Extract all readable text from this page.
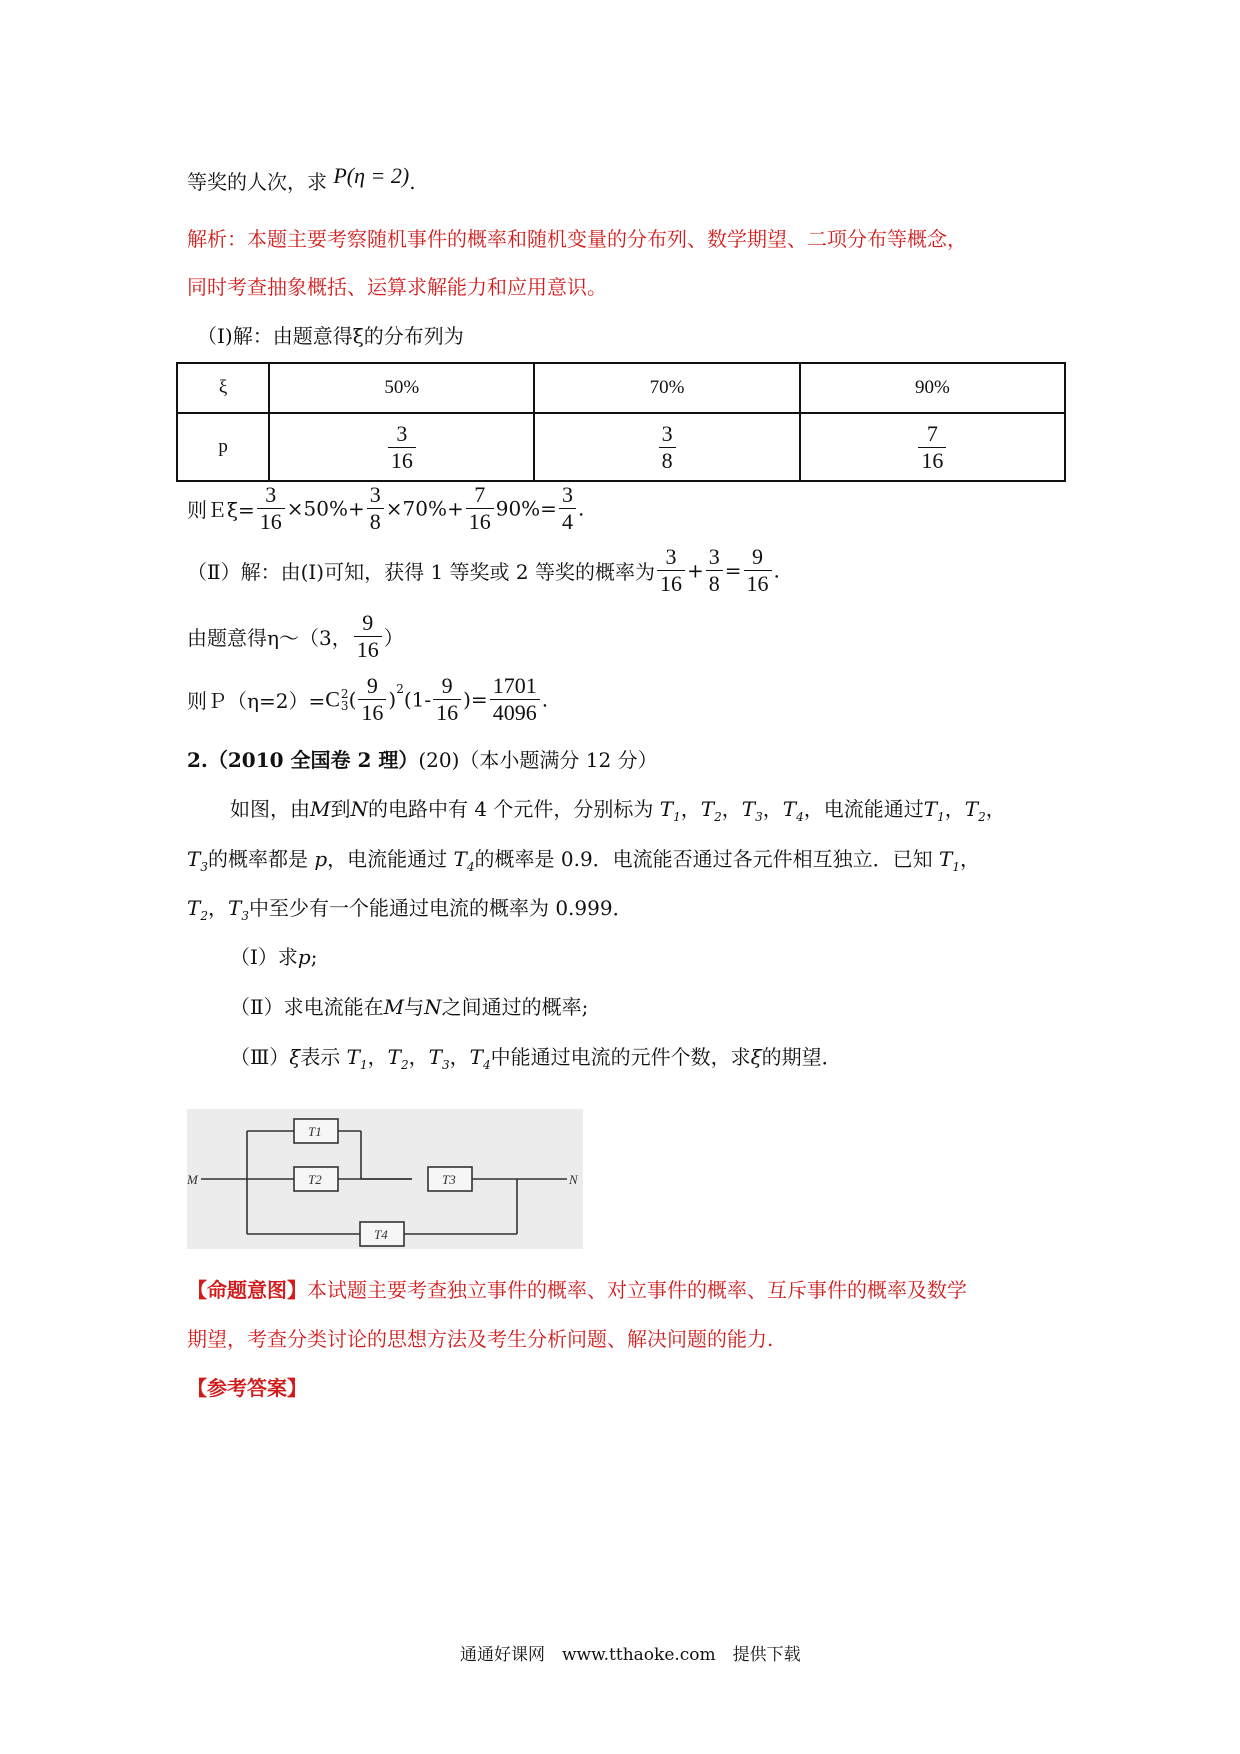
等奖的人次，求 P(η = 2).
解析：本题主要考察随机事件的概率和随机变量的分布列、数学期望、二项分布等概念，
同时考查抽象概括、运算求解能力和应用意识。
（Ⅰ)解：由题意得ξ的分布列为
ξ	50%	70%	90%
p	$\frac{3}{16}$	$\frac{3}{8}$	$\frac{7}{16}$
则Ｅξ= $\frac{3}{16} \times 50\%+ \frac{3}{8} \times 70\%+ \frac{7}{16} 90\%= \frac{3}{4}$ .
（Ⅱ）解：由(Ⅰ)可知，获得 1 等奖或 2 等奖的概率为 $\frac{3}{16} + \frac{3}{8} = \frac{9}{16}$ .
由题意得η～（3， $\frac{9}{16}$ ）
则Ｐ（η=2）=C 2
3 ( $\frac{9}{16} )^2(1- \frac{9}{16}$ )= $\frac{1701}{4096}$ .
2.（2010 全国卷 2 理）(20)（本小题满分 12 分）
如图，由M到N的电路中有 4 个元件，分别标为 $T_1$，$T_2$，$T_3$，$T_4$，电流能通过$T_1$，$T_2$，
$T_3$的概率都是 p，电流能通过 $T_4$的概率是 0.9．电流能否通过各元件相互独立．已知 $T_1$，
$T_2$，$T_3$中至少有一个能通过电流的概率为 0.999．
（Ⅰ）求p;
（Ⅱ）求电流能在M与N之间通过的概率;
（Ⅲ）ξ表示 $T_1$，$T_2$，$T_3$，$T_4$中能通过电流的元件个数，求ξ的期望．
M	N
T1
T2	T3
T4
【命题意图】本试题主要考查独立事件的概率、对立事件的概率、互斥事件的概率及数学
期望，考查分类讨论的思想方法及考生分析问题、解决问题的能力.
【参考答案】
通通好课网　www.tthaoke.com　提供下载
